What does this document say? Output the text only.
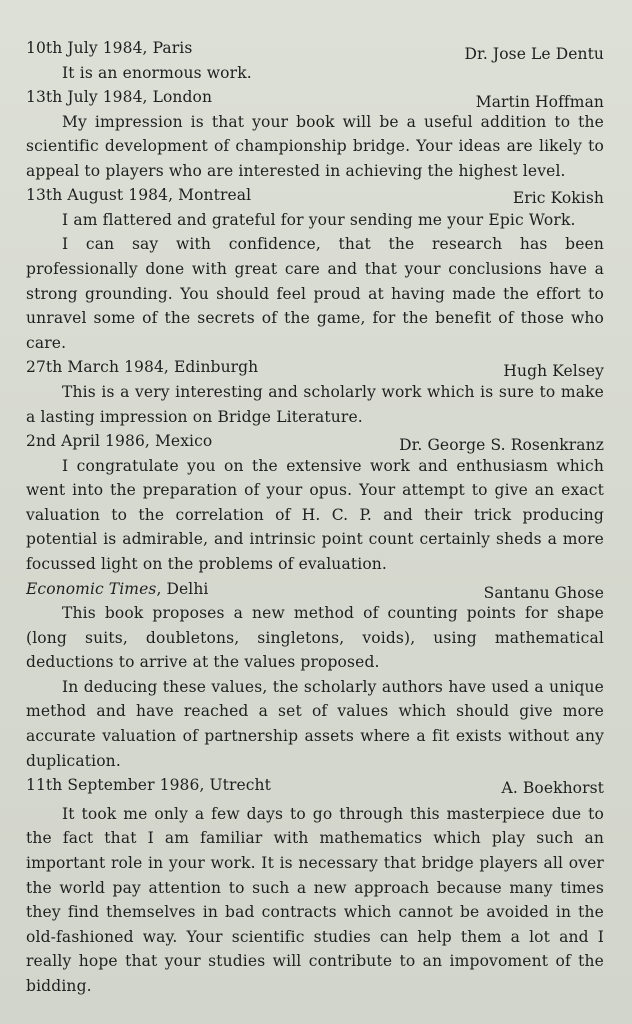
10th July 1984, Paris	Dr. Jose Le Dentu

It is an enormous work.

13th July 1984, London	Martin Hoffman

My impression is that your book will be a useful addition to the scientific development of championship bridge. Your ideas are likely to appeal to players who are interested in achieving the highest level.

13th August 1984, Montreal	Eric Kokish

I am flattered and grateful for your sending me your Epic Work.

I can say with confidence, that the research has been professionally done with great care and that your conclusions have a strong grounding. You should feel proud at having made the effort to unravel some of the secrets of the game, for the benefit of those who care.

27th March 1984, Edinburgh	Hugh Kelsey

This is a very interesting and scholarly work which is sure to make a lasting impression on Bridge Literature.

2nd April 1986, Mexico	Dr. George S. Rosenkranz

I congratulate you on the extensive work and enthusiasm which went into the preparation of your opus. Your attempt to give an exact valuation to the correlation of H. C. P. and their trick producing potential is admirable, and intrinsic point count certainly sheds a more focussed light on the problems of evaluation.

Economic Times, Delhi	Santanu Ghose

This book proposes a new method of counting points for shape (long suits, doubletons, singletons, voids), using mathematical deductions to arrive at the values proposed.

In deducing these values, the scholarly authors have used a unique method and have reached a set of values which should give more accurate valuation of partnership assets where a fit exists without any duplication.

11th September 1986, Utrecht	A. Boekhorst

It took me only a few days to go through this masterpiece due to the fact that I am familiar with mathematics which play such an important role in your work. It is necessary that bridge players all over the world pay attention to such a new approach because many times they find themselves in bad contracts which cannot be avoided in the old-fashioned way. Your scientific studies can help them a lot and I really hope that your studies will contribute to an impovoment of the bidding.
